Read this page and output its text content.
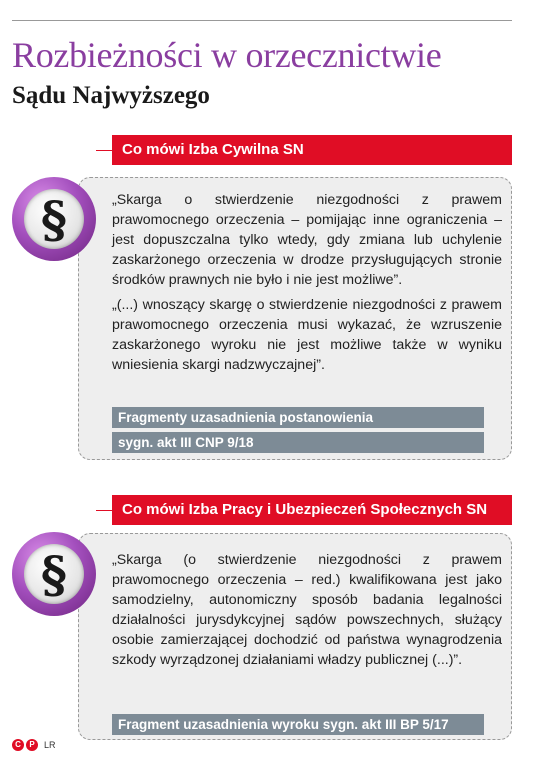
Rozbieżności w orzecznictwie
Sądu Najwyższego
§
Co mówi Izba Cywilna SN

„Skarga o stwierdzenie niezgodności z prawem prawomocnego orzeczenia – pomijając inne ograniczenia – jest dopuszczalna tylko wtedy, gdy zmiana lub uchylenie zaskarżonego orzeczenia w drodze przysługujących stronie środków prawnych nie było i nie jest możliwe”.

„(...) wnoszący skargę o stwierdzenie niezgodności z prawem prawomocnego orzeczenia musi wykazać, że wzruszenie zaskarżonego wyroku nie jest możliwe także w wyniku wniesienia skargi nadzwyczajnej”.

Fragmenty uzasadnienia postanowienia
sygn. akt III CNP 9/18
§
Co mówi Izba Pracy i Ubezpieczeń Społecznych SN

„Skarga (o stwierdzenie niezgodności z prawem prawomocnego orzeczenia – red.) kwalifikowana jest jako samodzielny, autonomiczny sposób badania legalności działalności jurysdykcyjnej sądów powszechnych, służący osobie zamierzającej dochodzić od państwa wynagrodzenia szkody wyrządzonej działaniami władzy publicznej (...)”.

Fragment uzasadnienia wyroku sygn. akt III BP 5/17
C	P	LR
